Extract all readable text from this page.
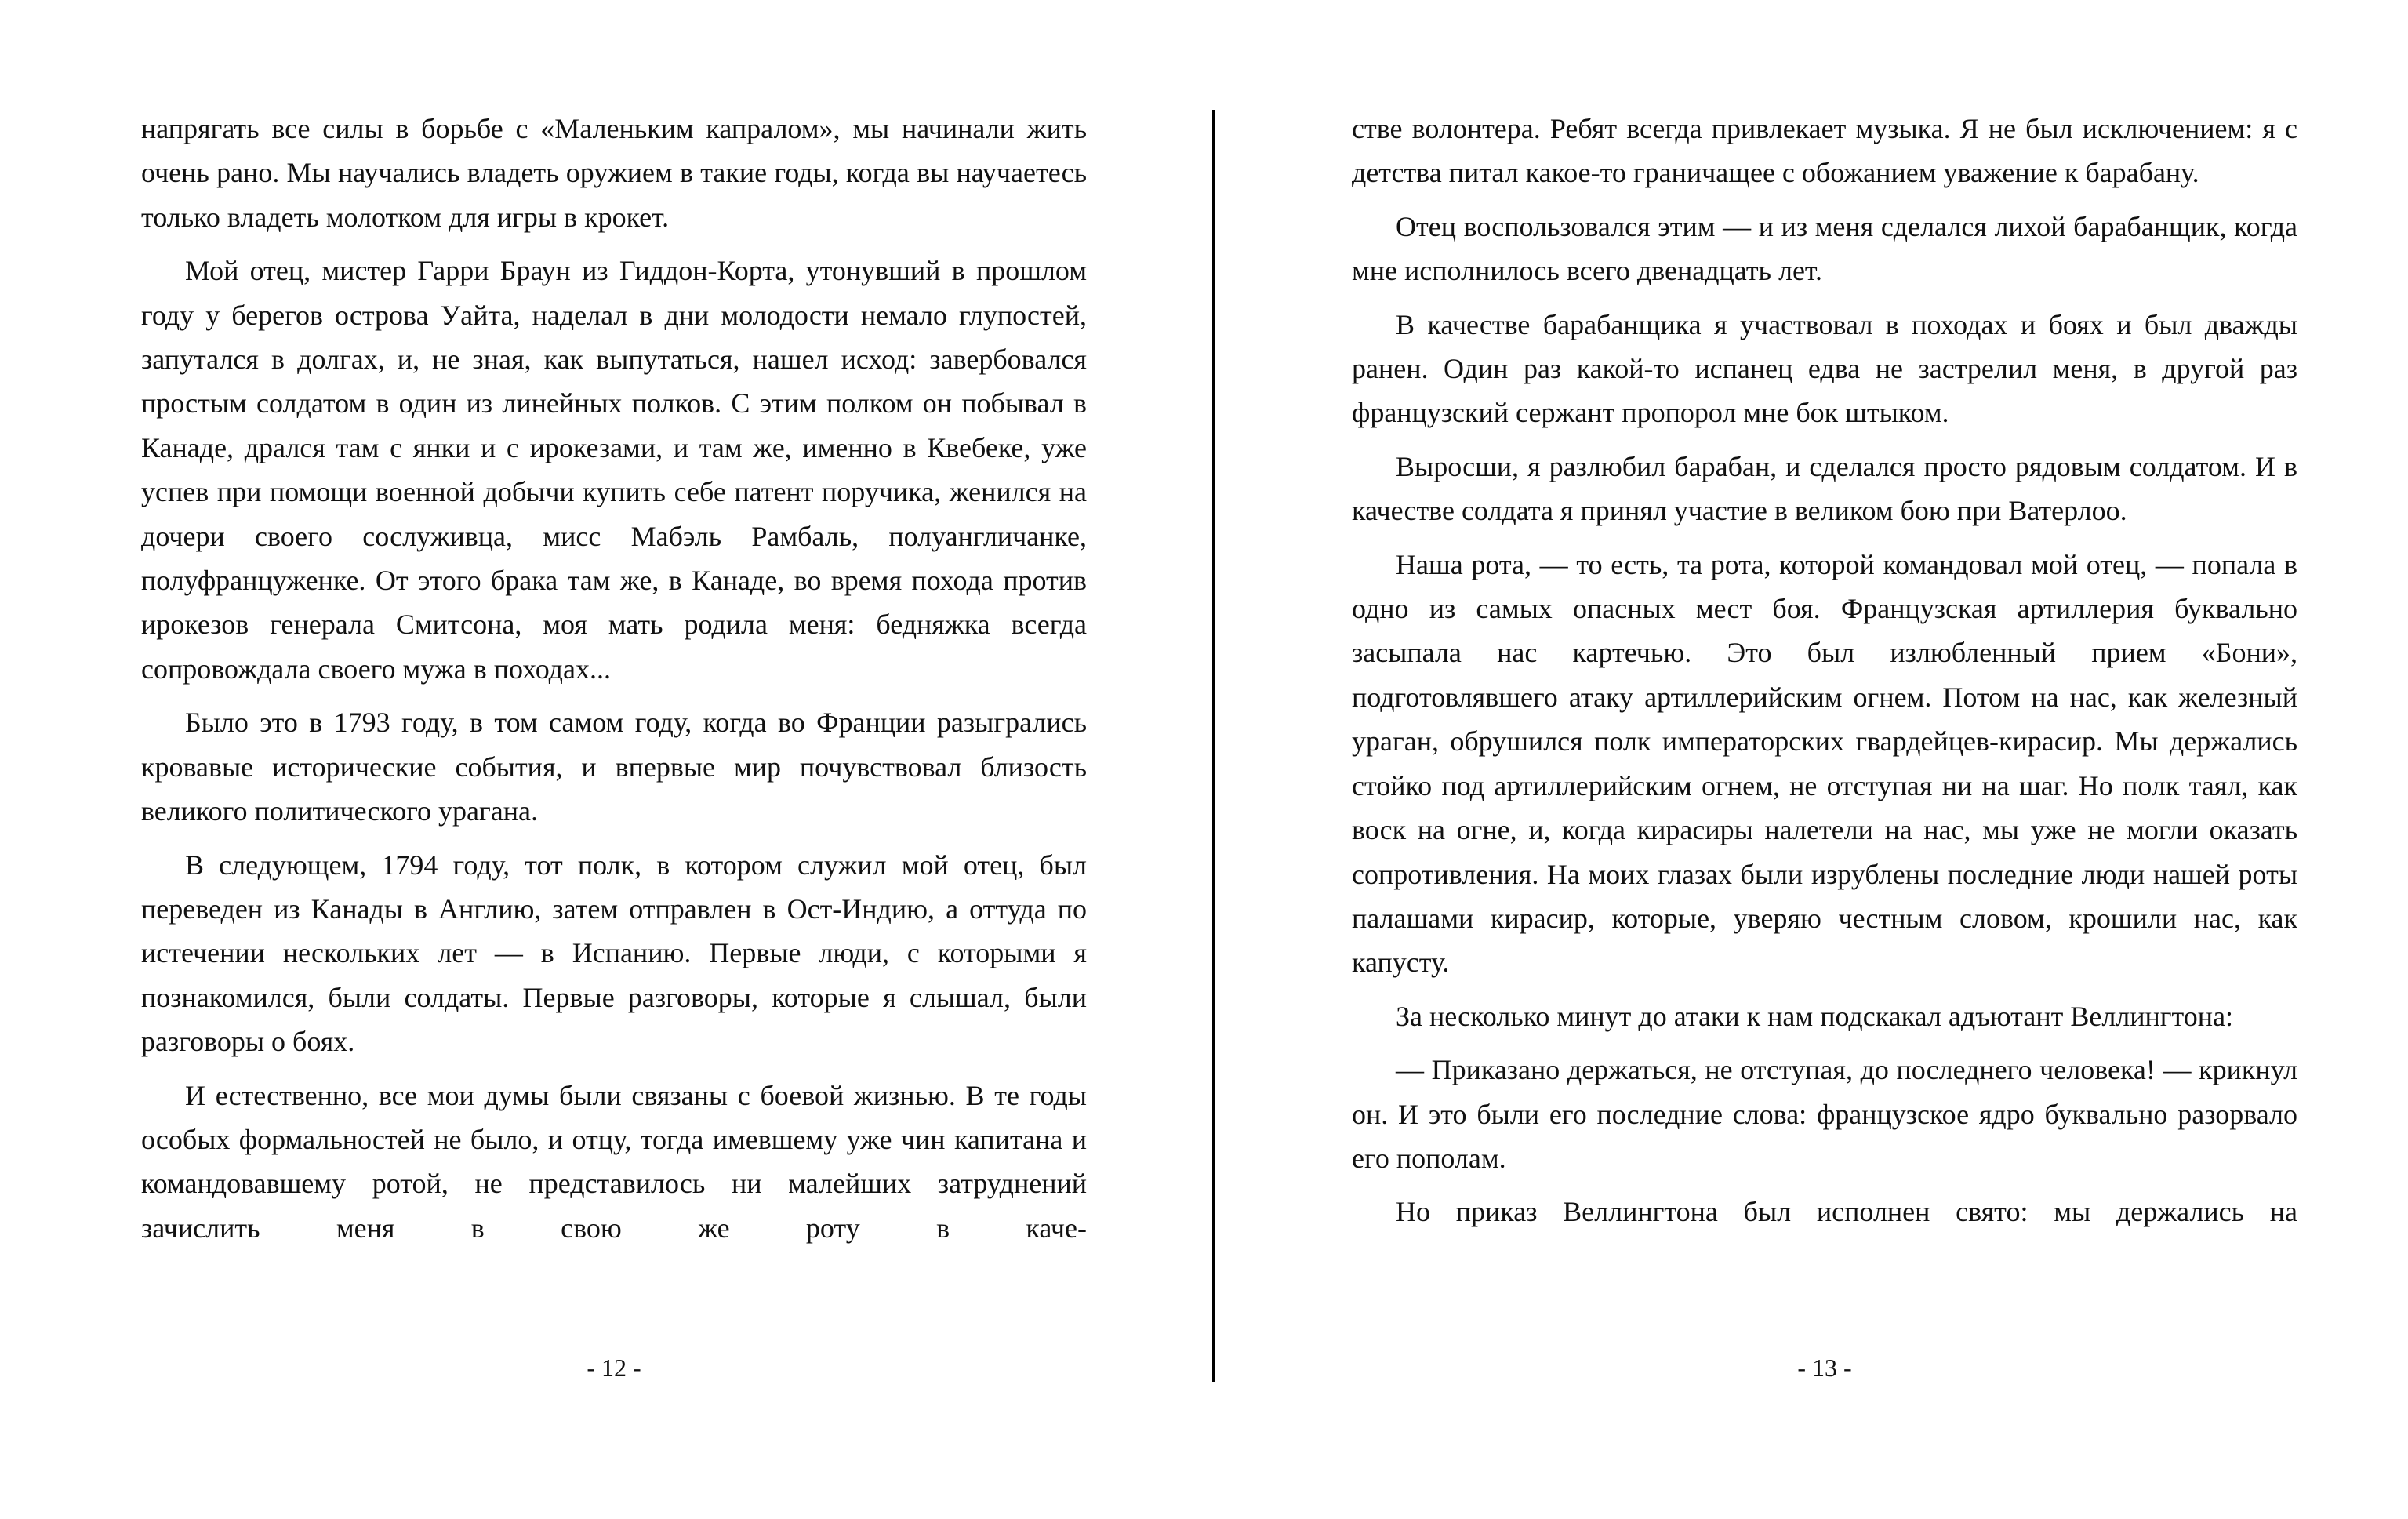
напрягать все силы в борьбе с «Маленьким капралом», мы начинали жить очень рано. Мы научались владеть оружием в такие годы, когда вы научаетесь только владеть молотком для игры в крокет.

Мой отец, мистер Гарри Браун из Гиддон-Корта, утонувший в прошлом году у берегов острова Уайта, наделал в дни молодости немало глупостей, запутался в долгах, и, не зная, как выпутаться, нашел исход: завербовался простым солдатом в один из линейных полков. С этим полком он побывал в Канаде, дрался там с янки и с ирокезами, и там же, именно в Квебеке, уже успев при помощи военной добычи купить себе патент поручика, женился на дочери своего сослуживца, мисс Мабэль Рамбаль, полуангличанке, полуфранцуженке. От этого брака там же, в Канаде, во время похода против ирокезов генерала Смитсона, моя мать родила меня: бедняжка всегда сопровождала своего мужа в походах...

Было это в 1793 году, в том самом году, когда во Франции разыгрались кровавые исторические события, и впервые мир почувствовал близость великого политического урагана.

В следующем, 1794 году, тот полк, в котором служил мой отец, был переведен из Канады в Англию, затем отправлен в Ост-Индию, а оттуда по истечении нескольких лет — в Испанию. Первые люди, с которыми я познакомился, были солдаты. Первые разговоры, которые я слышал, были разговоры о боях.

И естественно, все мои думы были связаны с боевой жизнью. В те годы особых формальностей не было, и отцу, тогда имевшему уже чин капитана и командовавшему ротой, не представилось ни малейших затруднений зачислить меня в свою же роту в каче-

стве волонтера. Ребят всегда привлекает музыка. Я не был исключением: я с детства питал какое-то граничащее с обожанием уважение к барабану.

Отец воспользовался этим — и из меня сделался лихой барабанщик, когда мне исполнилось всего двенадцать лет.

В качестве барабанщика я участвовал в походах и боях и был дважды ранен. Один раз какой-то испанец едва не застрелил меня, в другой раз французский сержант пропорол мне бок штыком.

Выросши, я разлюбил барабан, и сделался просто рядовым солдатом. И в качестве солдата я принял участие в великом бою при Ватерлоо.

Наша рота, — то есть, та рота, которой командовал мой отец, — попала в одно из самых опасных мест боя. Французская артиллерия буквально засыпала нас картечью. Это был излюбленный прием «Бони», подготовлявшего атаку артиллерийским огнем. Потом на нас, как железный ураган, обрушился полк императорских гвардейцев-кирасир. Мы держались стойко под артиллерийским огнем, не отступая ни на шаг. Но полк таял, как воск на огне, и, когда кирасиры налетели на нас, мы уже не могли оказать сопротивления. На моих глазах были изрублены последние люди нашей роты палашами кирасир, которые, уверяю честным словом, крошили нас, как капусту.

За несколько минут до атаки к нам подскакал адъютант Веллингтона:

— Приказано держаться, не отступая, до последнего человека! — крикнул он. И это были его последние слова: французское ядро буквально разорвало его пополам.

Но приказ Веллингтона был исполнен свято: мы держались на

- 12 -	- 13 -
